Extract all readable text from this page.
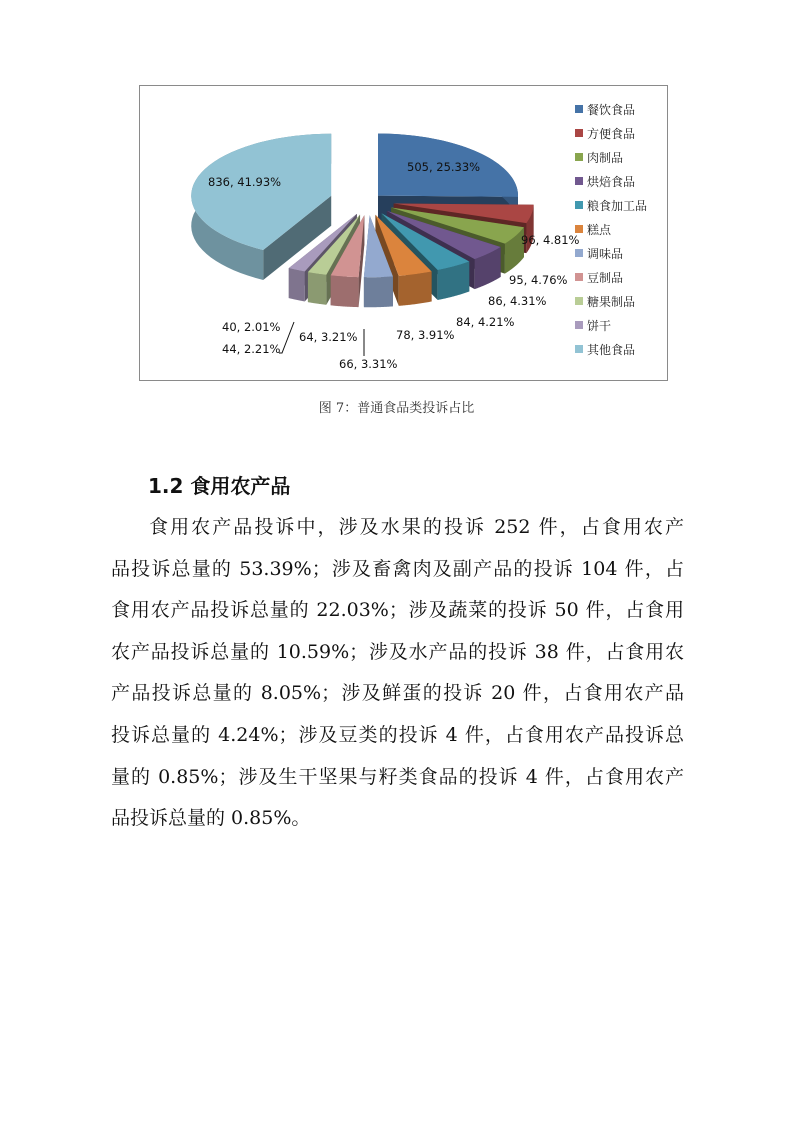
505, 25.33%
96, 4.81%
95, 4.76%
86, 4.31%
84, 4.21%
78, 3.91%
66, 3.31%
64, 3.21%
44, 2.21%
40, 2.01%
836, 41.93%
餐饮食品
方便食品
肉制品
烘焙食品
粮食加工品
糕点
调味品
豆制品
糖果制品
饼干
其他食品
图 7：普通食品类投诉占比
1.2 食用农产品
食用农产品投诉中，涉及水果的投诉 252 件，占食用农产
品投诉总量的 53.39%；涉及畜禽肉及副产品的投诉 104 件，占
食用农产品投诉总量的 22.03%；涉及蔬菜的投诉 50 件，占食用
农产品投诉总量的 10.59%；涉及水产品的投诉 38 件，占食用农
产品投诉总量的 8.05%；涉及鲜蛋的投诉 20 件，占食用农产品
投诉总量的 4.24%；涉及豆类的投诉 4 件，占食用农产品投诉总
量的 0.85%；涉及生干坚果与籽类食品的投诉 4 件，占食用农产
品投诉总量的 0.85%。
